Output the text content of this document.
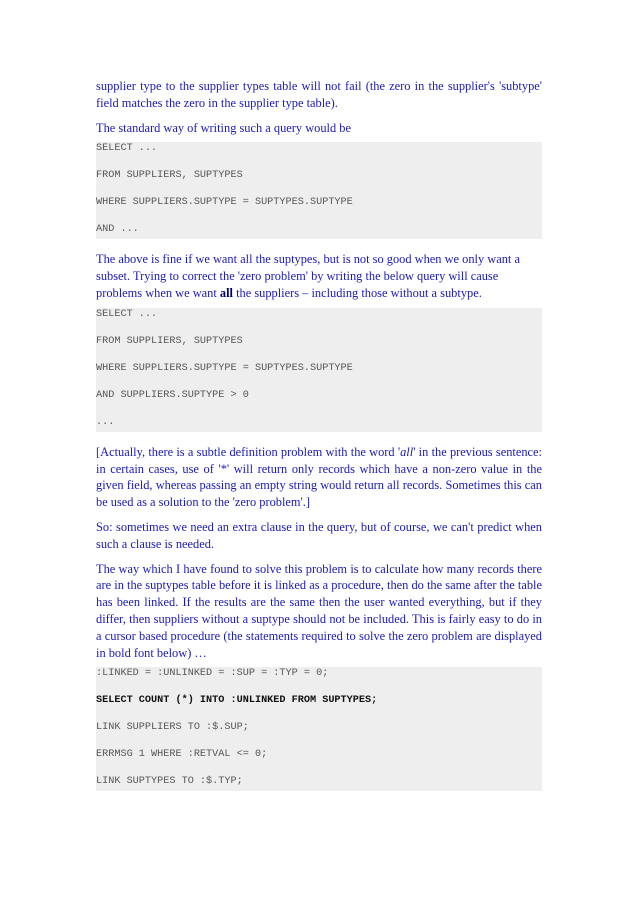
supplier type to the supplier types table will not fail (the zero in the supplier's 'subtype' field matches the zero in the supplier type table).

The standard way of writing such a query would be

SELECT ...
FROM SUPPLIERS, SUPTYPES
WHERE SUPPLIERS.SUPTYPE = SUPTYPES.SUPTYPE
AND ...

The above is fine if we want all the suptypes, but is not so good when we only want a subset. Trying to correct the 'zero problem' by writing the below query will cause problems when we want all the suppliers – including those without a subtype.

SELECT ...
FROM SUPPLIERS, SUPTYPES
WHERE SUPPLIERS.SUPTYPE = SUPTYPES.SUPTYPE
AND SUPPLIERS.SUPTYPE > 0
...

[Actually, there is a subtle definition problem with the word 'all' in the previous sentence: in certain cases, use of '*' will return only records which have a non-zero value in the given field, whereas passing an empty string would return all records. Sometimes this can be used as a solution to the 'zero problem'.]

So: sometimes we need an extra clause in the query, but of course, we can't predict when such a clause is needed.

The way which I have found to solve this problem is to calculate how many records there are in the suptypes table before it is linked as a procedure, then do the same after the table has been linked. If the results are the same then the user wanted everything, but if they differ, then suppliers without a suptype should not be included. This is fairly easy to do in a cursor based procedure (the statements required to solve the zero problem are displayed in bold font below) …

:LINKED = :UNLINKED = :SUP = :TYP = 0;
SELECT COUNT (*) INTO :UNLINKED FROM SUPTYPES;
LINK SUPPLIERS TO :$.SUP;
ERRMSG 1 WHERE :RETVAL <= 0;
LINK SUPTYPES TO :$.TYP;
